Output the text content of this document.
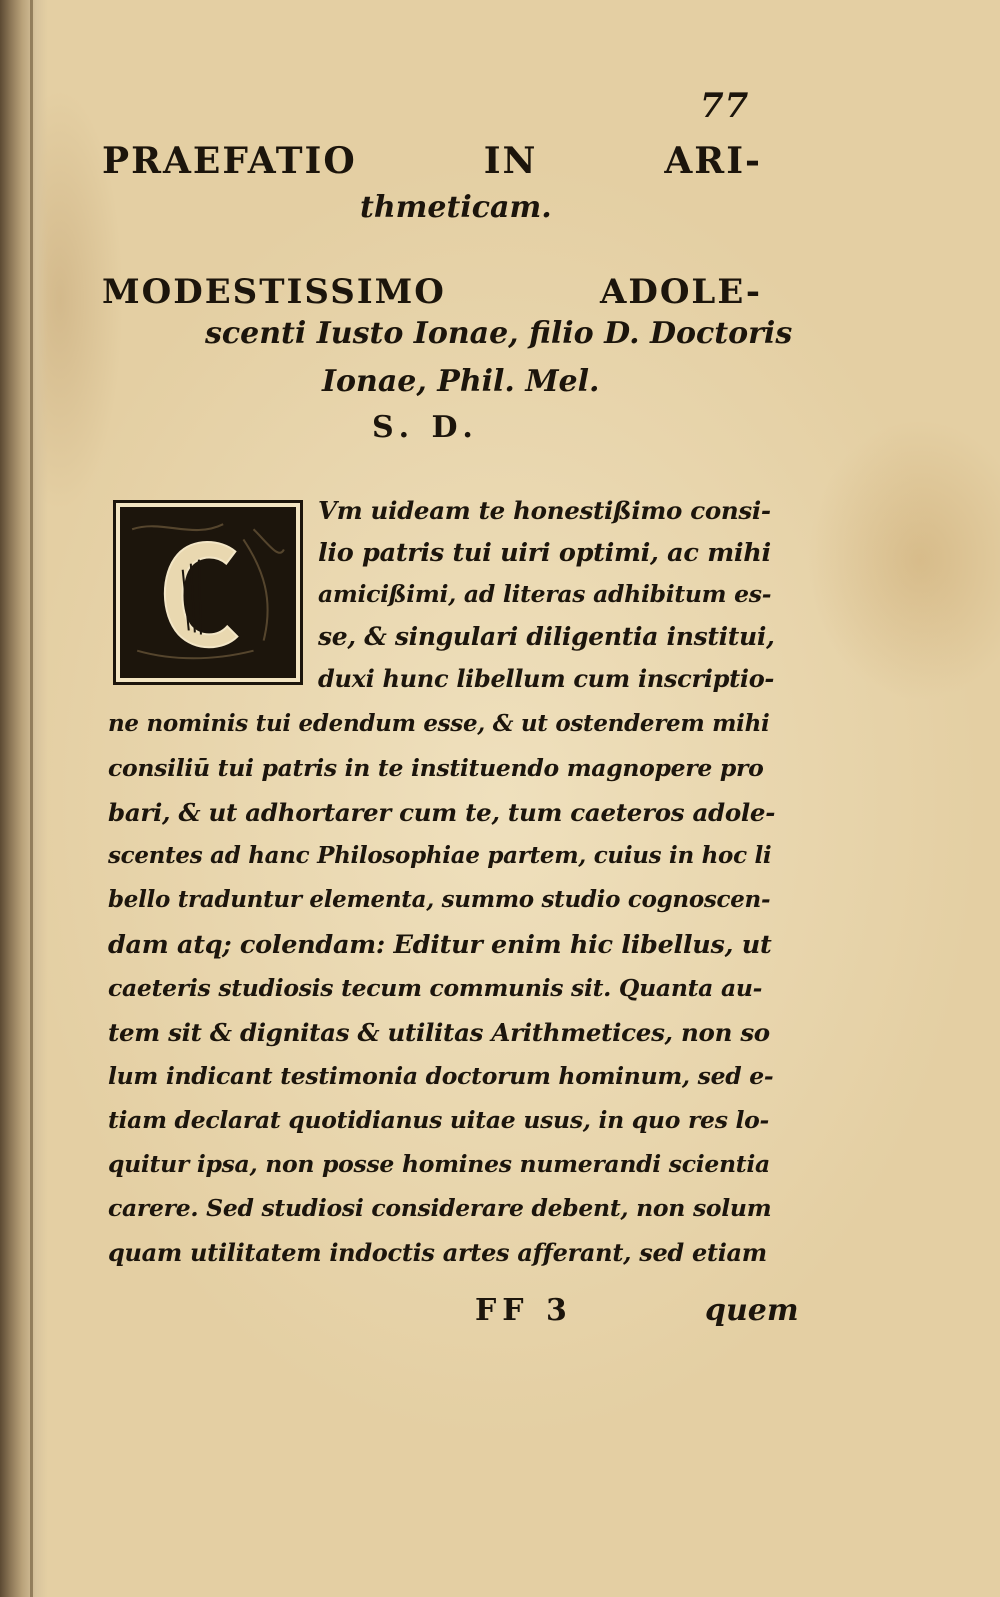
77
PRAEFATIO	IN	ARI-
thmeticam.
MODESTISSIMO	ADOLE-
scenti Iusto Ionae, filio D. Doctoris
Ionae, Phil. Mel.
S. D.
Vm uideam te honestißimo consi-
lio patris tui uiri optimi, ac mihi
amicißimi, ad literas adhibitum es-
se, & singulari diligentia institui,
duxi hunc libellum cum inscriptio-
ne nominis tui edendum esse, & ut ostenderem mihi
consiliū tui patris in te instituendo magnopere pro
bari, & ut adhortarer cum te, tum caeteros adole-
scentes ad hanc Philosophiae partem, cuius in hoc li
bello traduntur elementa, summo studio cognoscen-
dam atq; colendam: Editur enim hic libellus, ut
caeteris studiosis tecum communis sit. Quanta au-
tem sit & dignitas & utilitas Arithmetices, non so
lum indicant testimonia doctorum hominum, sed e-
tiam declarat quotidianus uitae usus, in quo res lo-
quitur ipsa, non posse homines numerandi scientia
carere. Sed studiosi considerare debent, non solum
quam utilitatem indoctis artes afferant, sed etiam
FF 3	quem
